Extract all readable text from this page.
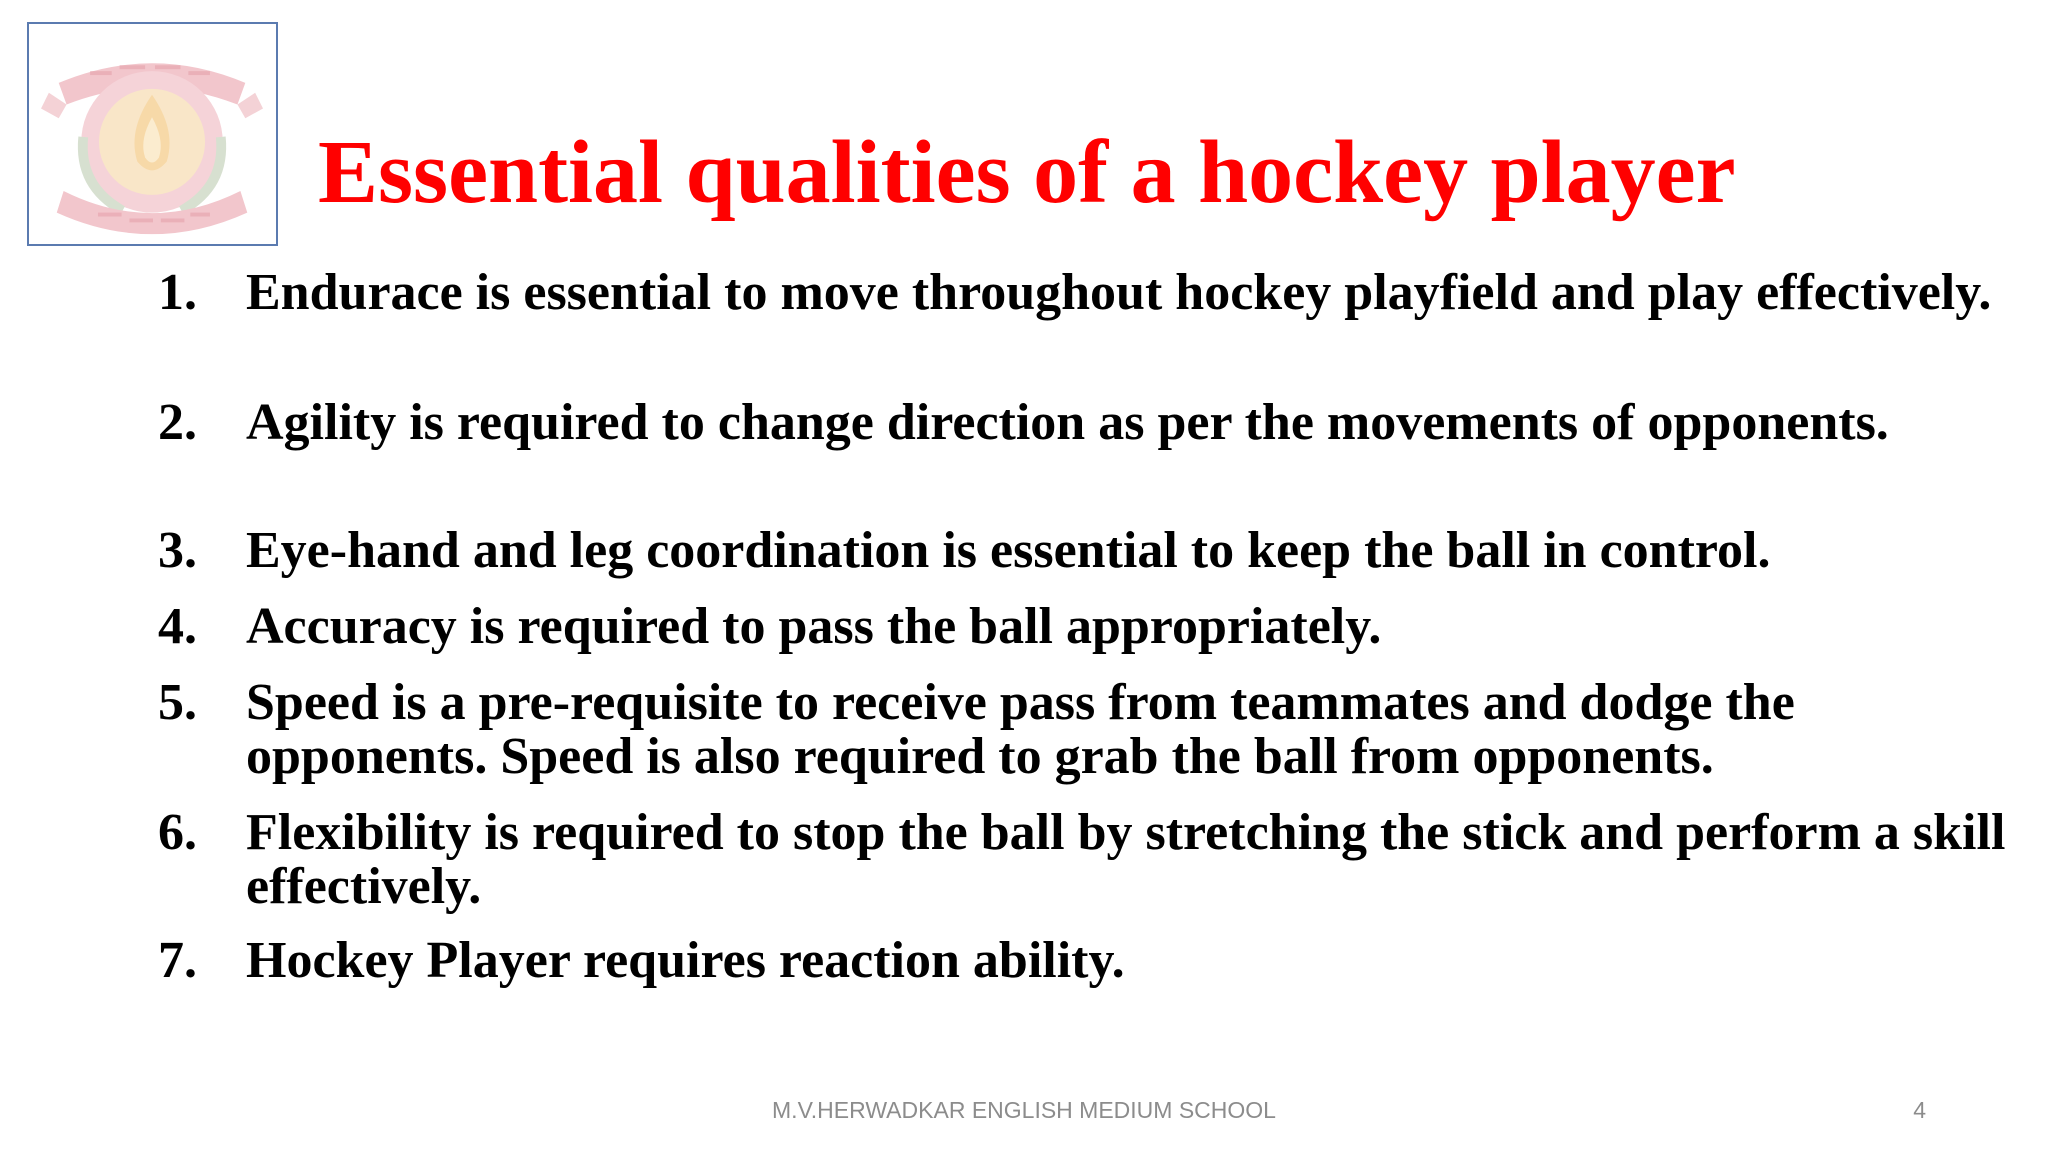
Essential qualities of a hockey player
1. Endurace is essential to move throughout hockey playfield and play effectively.
2. Agility is required to change direction as per the movements of opponents.
3. Eye-hand and leg coordination is essential to keep the ball in control.
4. Accuracy is required to pass the ball appropriately.
5. Speed is a pre-requisite to receive pass from teammates and dodge the opponents. Speed is also required to grab the ball from opponents.
6. Flexibility is required to stop the ball by stretching the stick and perform a skill effectively.
7. Hockey Player requires reaction ability.
M.V.HERWADKAR ENGLISH MEDIUM SCHOOL	4
